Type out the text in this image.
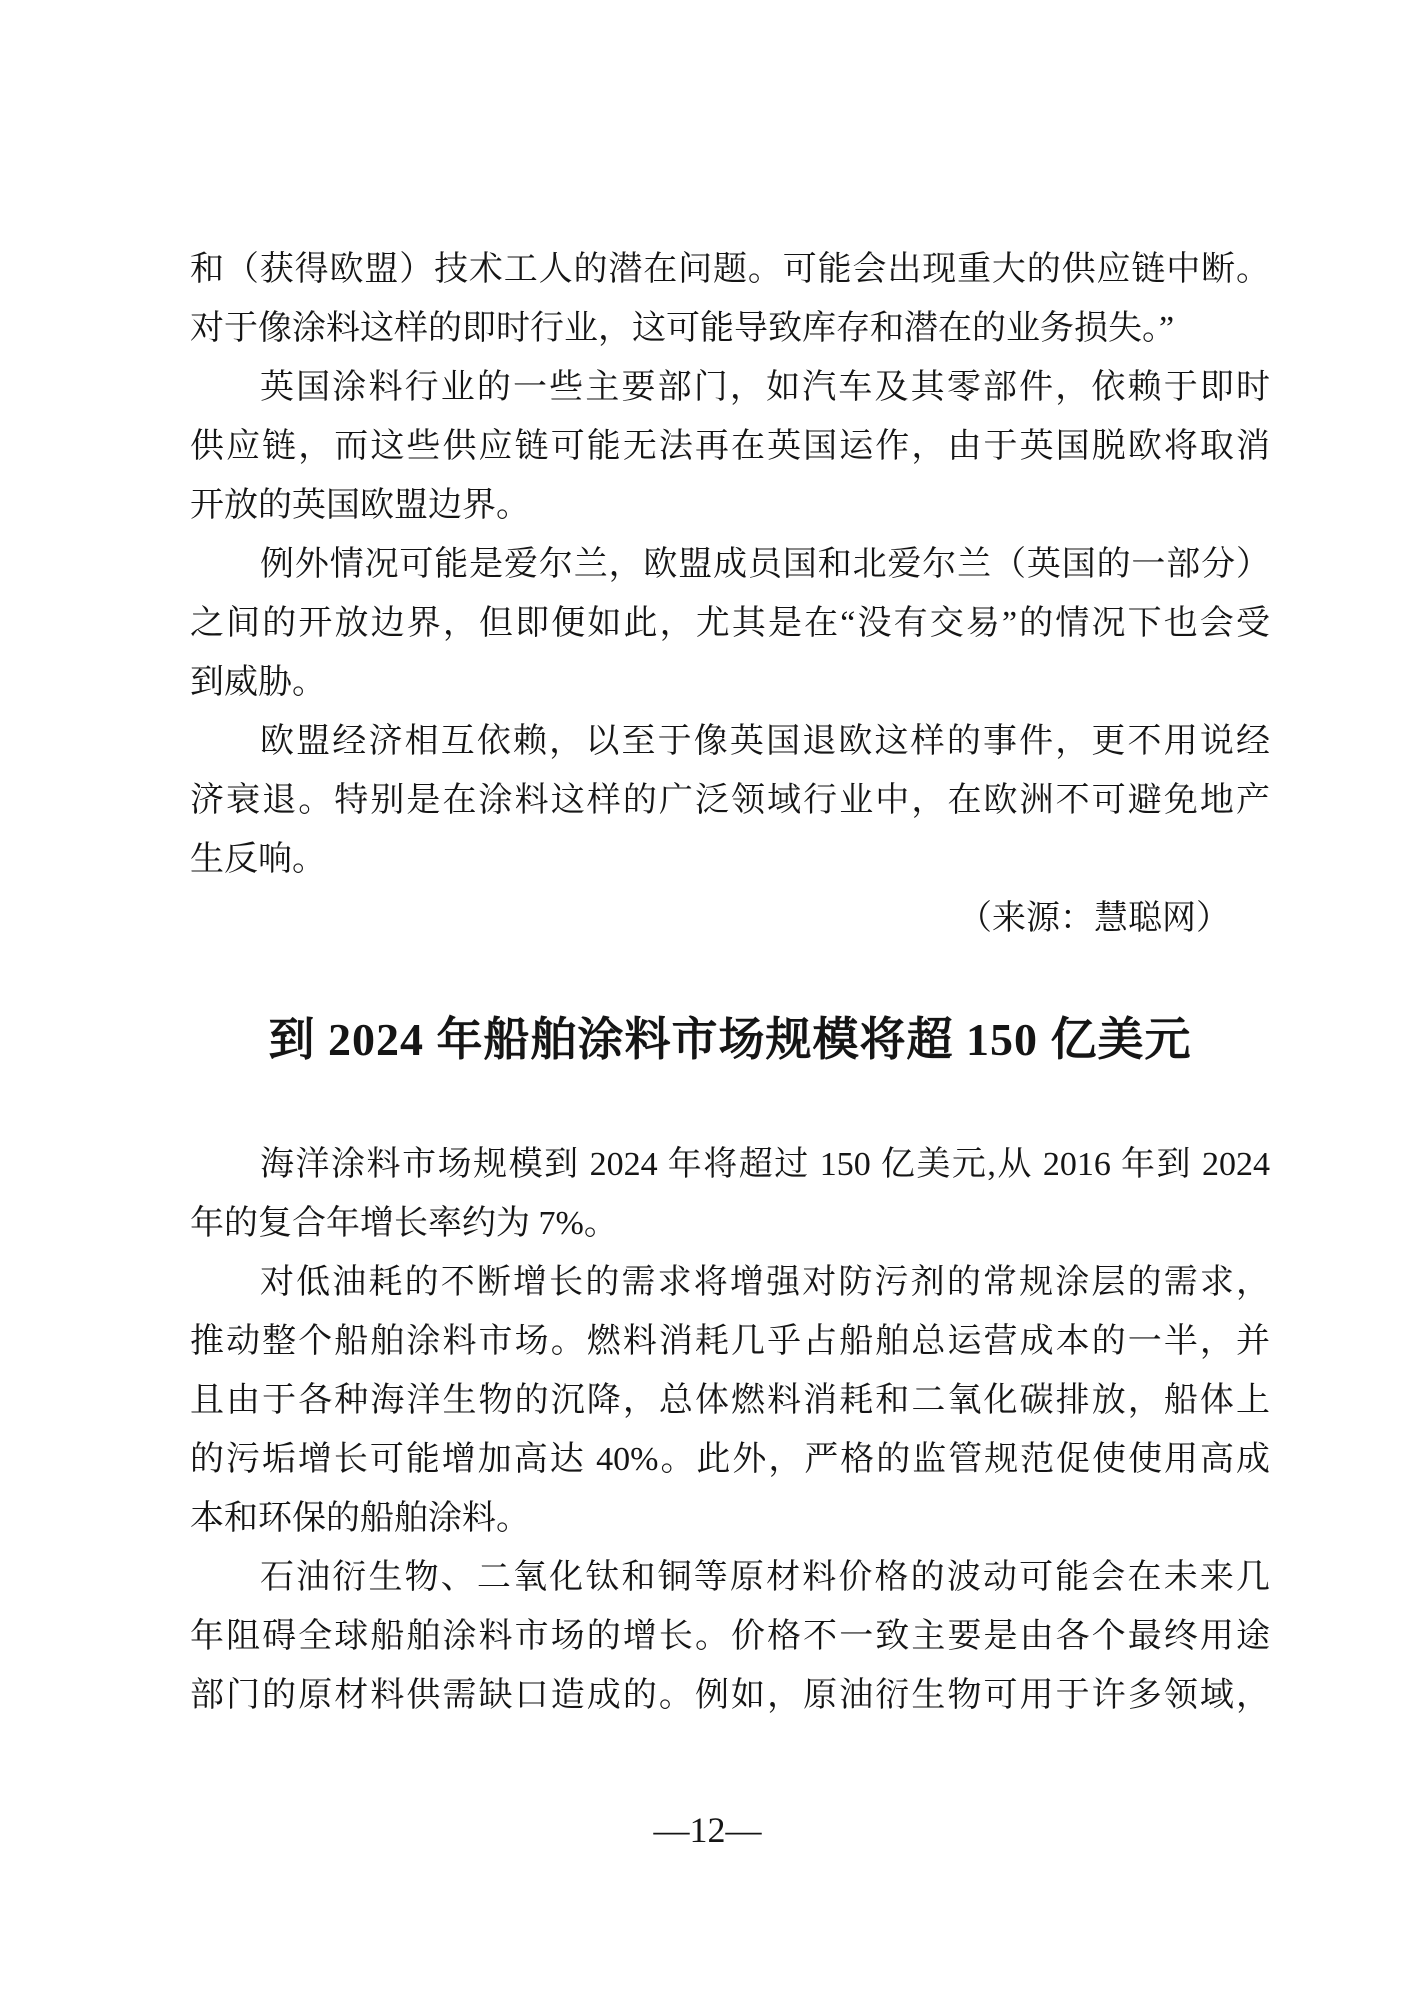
和（获得欧盟）技术工人的潜在问题。可能会出现重大的供应链中断。
对于像涂料这样的即时行业，这可能导致库存和潜在的业务损失。”
英国涂料行业的一些主要部门，如汽车及其零部件，依赖于即时
供应链，而这些供应链可能无法再在英国运作，由于英国脱欧将取消
开放的英国欧盟边界。
例外情况可能是爱尔兰，欧盟成员国和北爱尔兰（英国的一部分）
之间的开放边界，但即便如此，尤其是在“没有交易”的情况下也会受
到威胁。
欧盟经济相互依赖，以至于像英国退欧这样的事件，更不用说经
济衰退。特别是在涂料这样的广泛领域行业中，在欧洲不可避免地产
生反响。
（来源：慧聪网）
到 2024 年船舶涂料市场规模将超 150 亿美元
海洋涂料市场规模到 2024 年将超过 150 亿美元,从 2016 年到 2024
年的复合年增长率约为 7%。
对低油耗的不断增长的需求将增强对防污剂的常规涂层的需求，
推动整个船舶涂料市场。燃料消耗几乎占船舶总运营成本的一半，并
且由于各种海洋生物的沉降，总体燃料消耗和二氧化碳排放，船体上
的污垢增长可能增加高达 40%。此外，严格的监管规范促使使用高成
本和环保的船舶涂料。
石油衍生物、二氧化钛和铜等原材料价格的波动可能会在未来几
年阻碍全球船舶涂料市场的增长。价格不一致主要是由各个最终用途
部门的原材料供需缺口造成的。例如，原油衍生物可用于许多领域，
—12—
